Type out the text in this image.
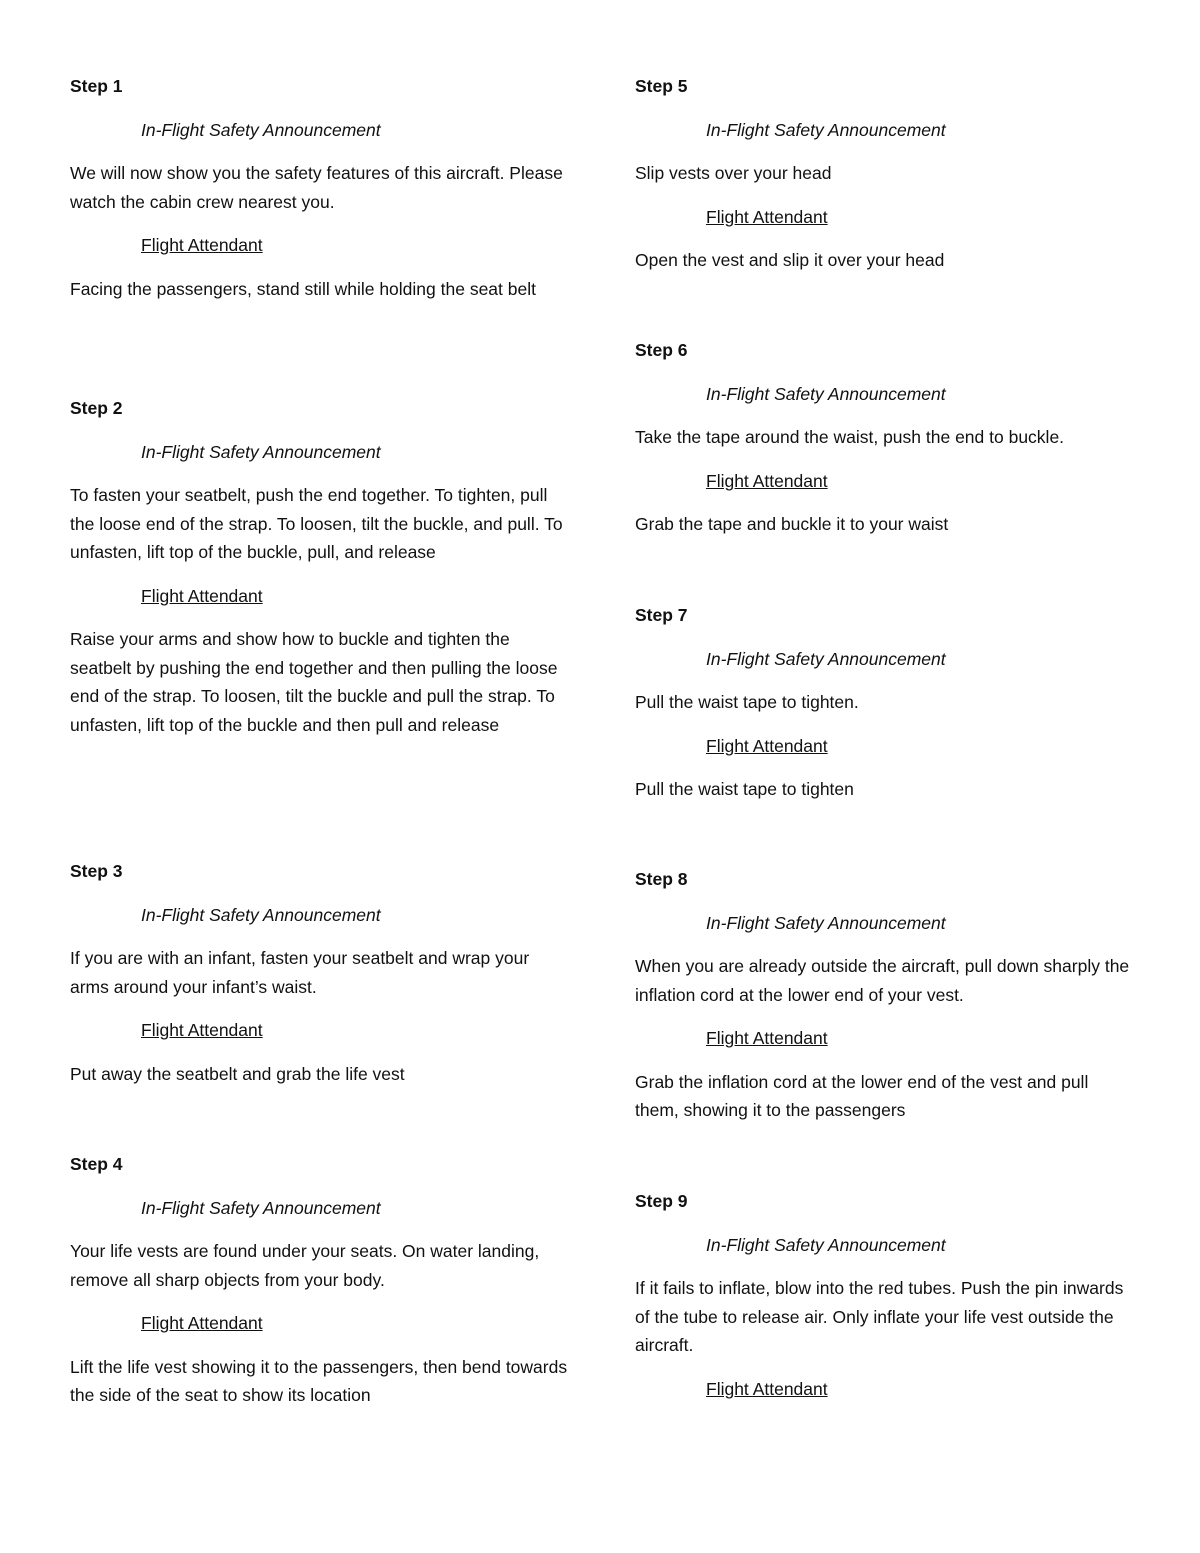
Step 1

In-Flight Safety Announcement

We will now show you the safety features of this aircraft. Please watch the cabin crew nearest you.

Flight Attendant

Facing the passengers, stand still while holding the seat belt

Step 2

In-Flight Safety Announcement

To fasten your seatbelt, push the end together. To tighten, pull the loose end of the strap. To loosen, tilt the buckle, and pull. To unfasten, lift top of the buckle, pull, and release

Flight Attendant

Raise your arms and show how to buckle and tighten the seatbelt by pushing the end together and then pulling the loose end of the strap. To loosen, tilt the buckle and pull the strap. To unfasten, lift top of the buckle and then pull and release

Step 3

In-Flight Safety Announcement

If you are with an infant, fasten your seatbelt and wrap your arms around your infant’s waist.

Flight Attendant

Put away the seatbelt and grab the life vest

Step 4

In-Flight Safety Announcement

Your life vests are found under your seats. On water landing, remove all sharp objects from your body.

Flight Attendant

Lift the life vest showing it to the passengers, then bend towards the side of the seat to show its location

Step 5

In-Flight Safety Announcement

Slip vests over your head

Flight Attendant

Open the vest and slip it over your head

Step 6

In-Flight Safety Announcement

Take the tape around the waist, push the end to buckle.

Flight Attendant

Grab the tape and buckle it to your waist

Step 7

In-Flight Safety Announcement

Pull the waist tape to tighten.

Flight Attendant

Pull the waist tape to tighten

Step 8

In-Flight Safety Announcement

When you are already outside the aircraft, pull down sharply the inflation cord at the lower end of your vest.

Flight Attendant

Grab the inflation cord at the lower end of the vest and pull them, showing it to the passengers

Step 9

In-Flight Safety Announcement

If it fails to inflate, blow into the red tubes. Push the pin inwards of the tube to release air. Only inflate your life vest outside the aircraft.

Flight Attendant
